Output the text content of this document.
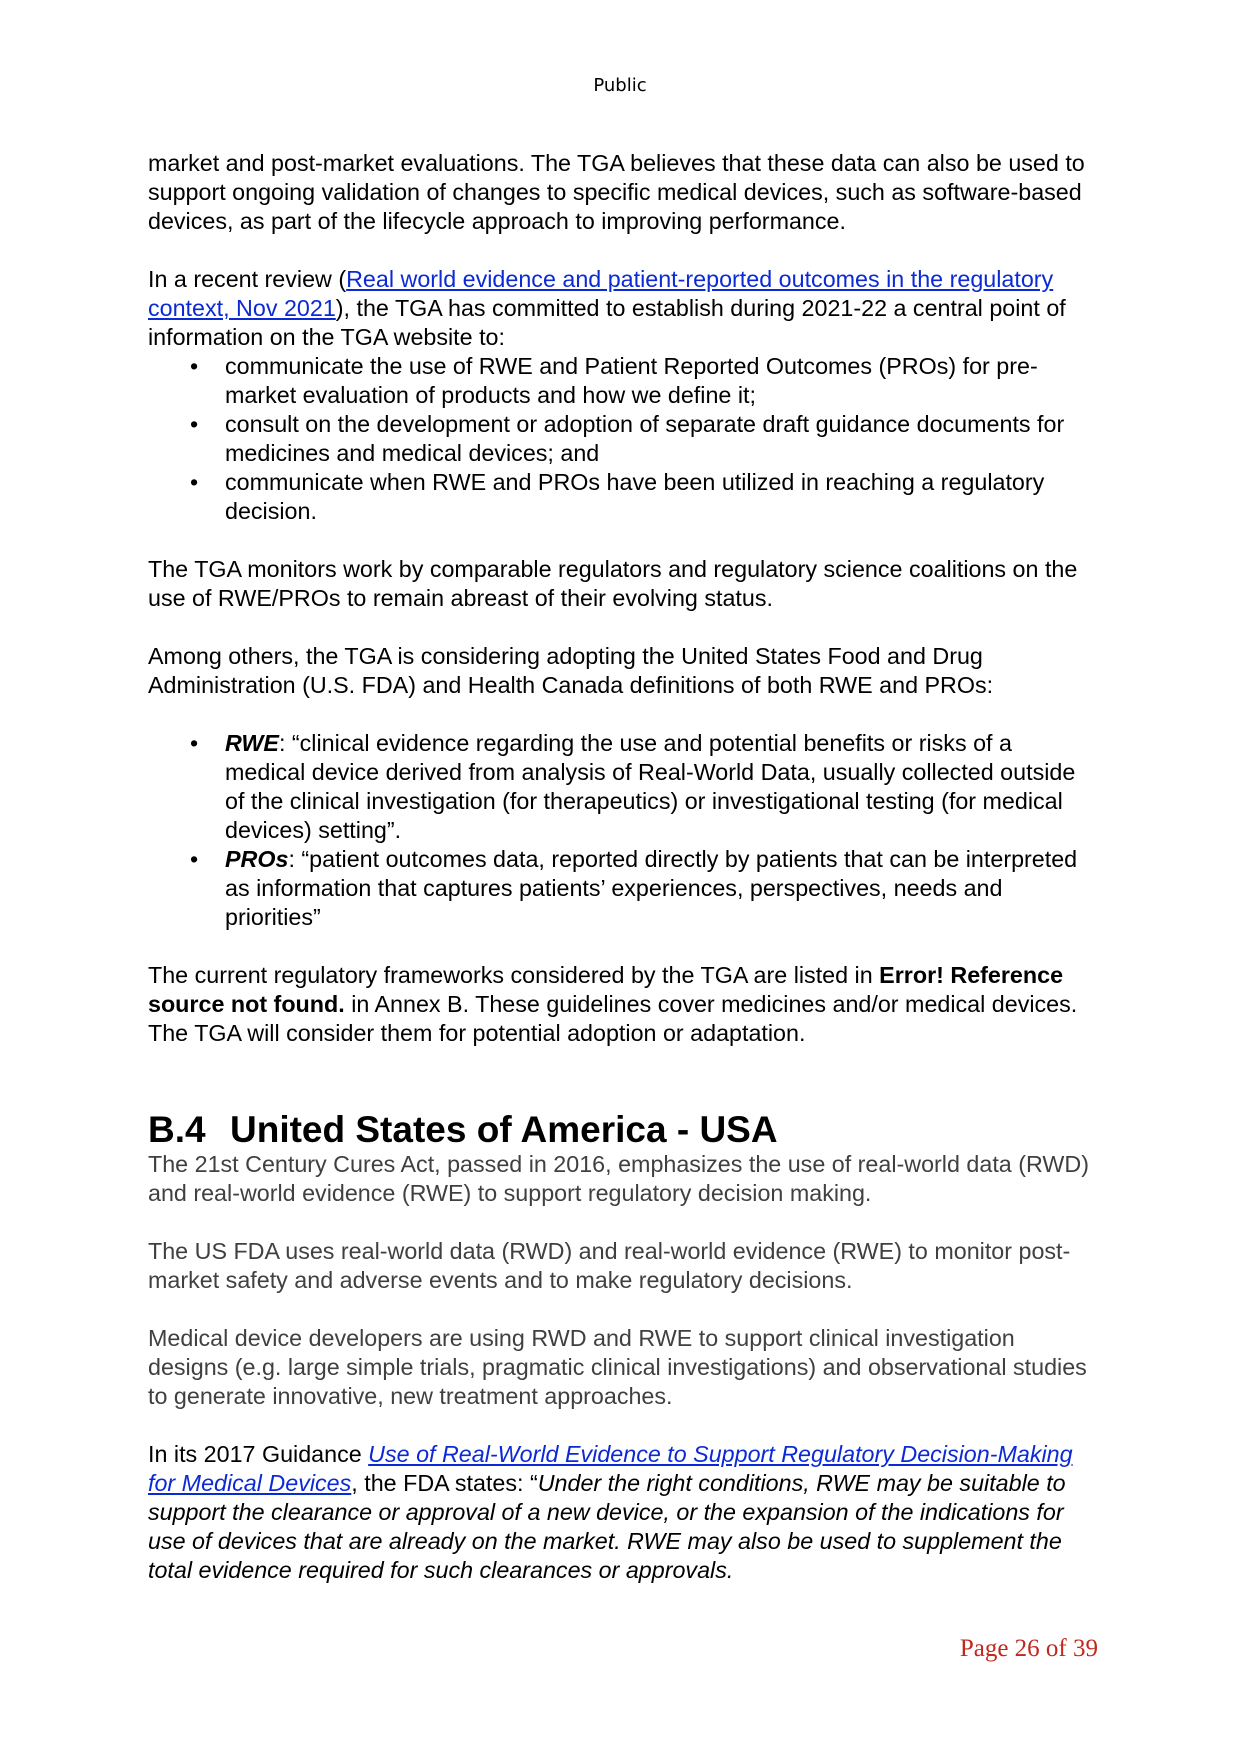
Public

market and post-market evaluations. The TGA believes that these data can also be used to support ongoing validation of changes to specific medical devices, such as software-based devices, as part of the lifecycle approach to improving performance.

In a recent review (Real world evidence and patient-reported outcomes in the regulatory context, Nov 2021), the TGA has committed to establish during 2021-22 a central point of information on the TGA website to:

• communicate the use of RWE and Patient Reported Outcomes (PROs) for pre-market evaluation of products and how we define it;
• consult on the development or adoption of separate draft guidance documents for medicines and medical devices; and
• communicate when RWE and PROs have been utilized in reaching a regulatory decision.

The TGA monitors work by comparable regulators and regulatory science coalitions on the use of RWE/PROs to remain abreast of their evolving status.

Among others, the TGA is considering adopting the United States Food and Drug Administration (U.S. FDA) and Health Canada definitions of both RWE and PROs:

• RWE: “clinical evidence regarding the use and potential benefits or risks of a medical device derived from analysis of Real-World Data, usually collected outside of the clinical investigation (for therapeutics) or investigational testing (for medical devices) setting”.
• PROs: “patient outcomes data, reported directly by patients that can be interpreted as information that captures patients’ experiences, perspectives, needs and priorities”

The current regulatory frameworks considered by the TGA are listed in Error! Reference source not found. in Annex B. These guidelines cover medicines and/or medical devices. The TGA will consider them for potential adoption or adaptation.

B.4 United States of America - USA

The 21st Century Cures Act, passed in 2016, emphasizes the use of real-world data (RWD) and real-world evidence (RWE) to support regulatory decision making.

The US FDA uses real-world data (RWD) and real-world evidence (RWE) to monitor post-market safety and adverse events and to make regulatory decisions.

Medical device developers are using RWD and RWE to support clinical investigation designs (e.g. large simple trials, pragmatic clinical investigations) and observational studies to generate innovative, new treatment approaches.

In its 2017 Guidance Use of Real-World Evidence to Support Regulatory Decision-Making for Medical Devices, the FDA states: “Under the right conditions, RWE may be suitable to support the clearance or approval of a new device, or the expansion of the indications for use of devices that are already on the market. RWE may also be used to supplement the total evidence required for such clearances or approvals.

Page 26 of 39
